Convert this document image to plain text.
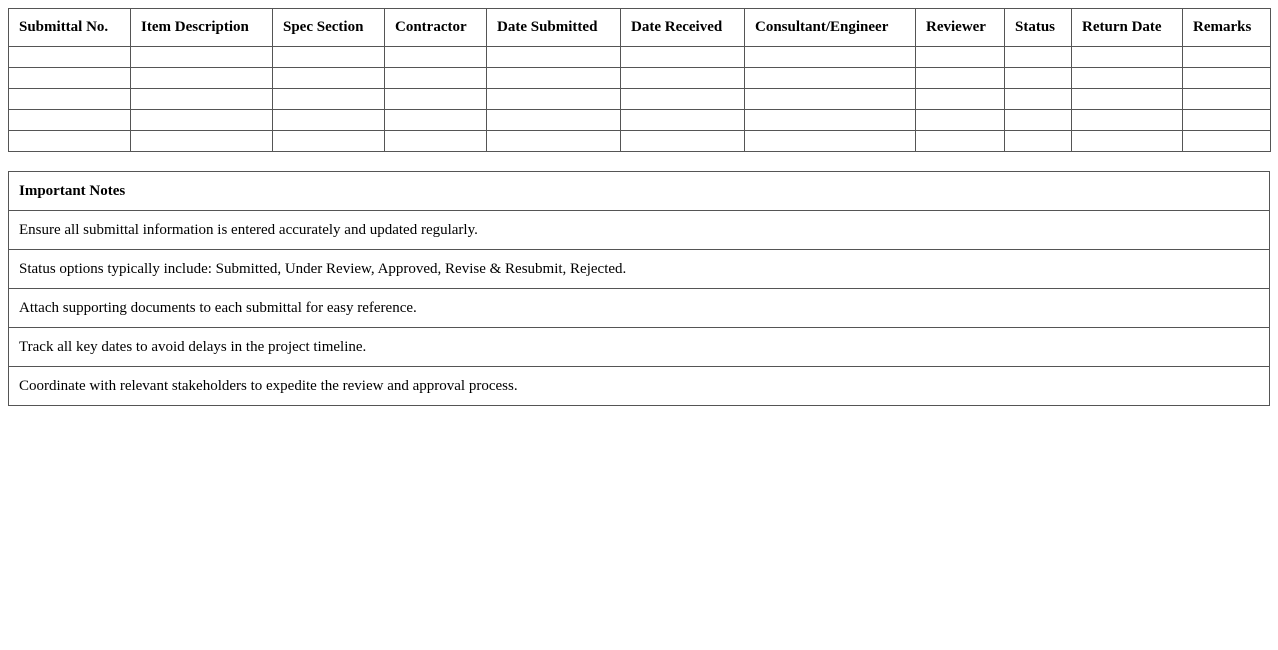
Submittal No.	Item Description	Spec Section	Contractor	Date Submitted	Date Received	Consultant/Engineer	Reviewer	Status	Return Date	Remarks

Important Notes
Ensure all submittal information is entered accurately and updated regularly.
Status options typically include: Submitted, Under Review, Approved, Revise & Resubmit, Rejected.
Attach supporting documents to each submittal for easy reference.
Track all key dates to avoid delays in the project timeline.
Coordinate with relevant stakeholders to expedite the review and approval process.
